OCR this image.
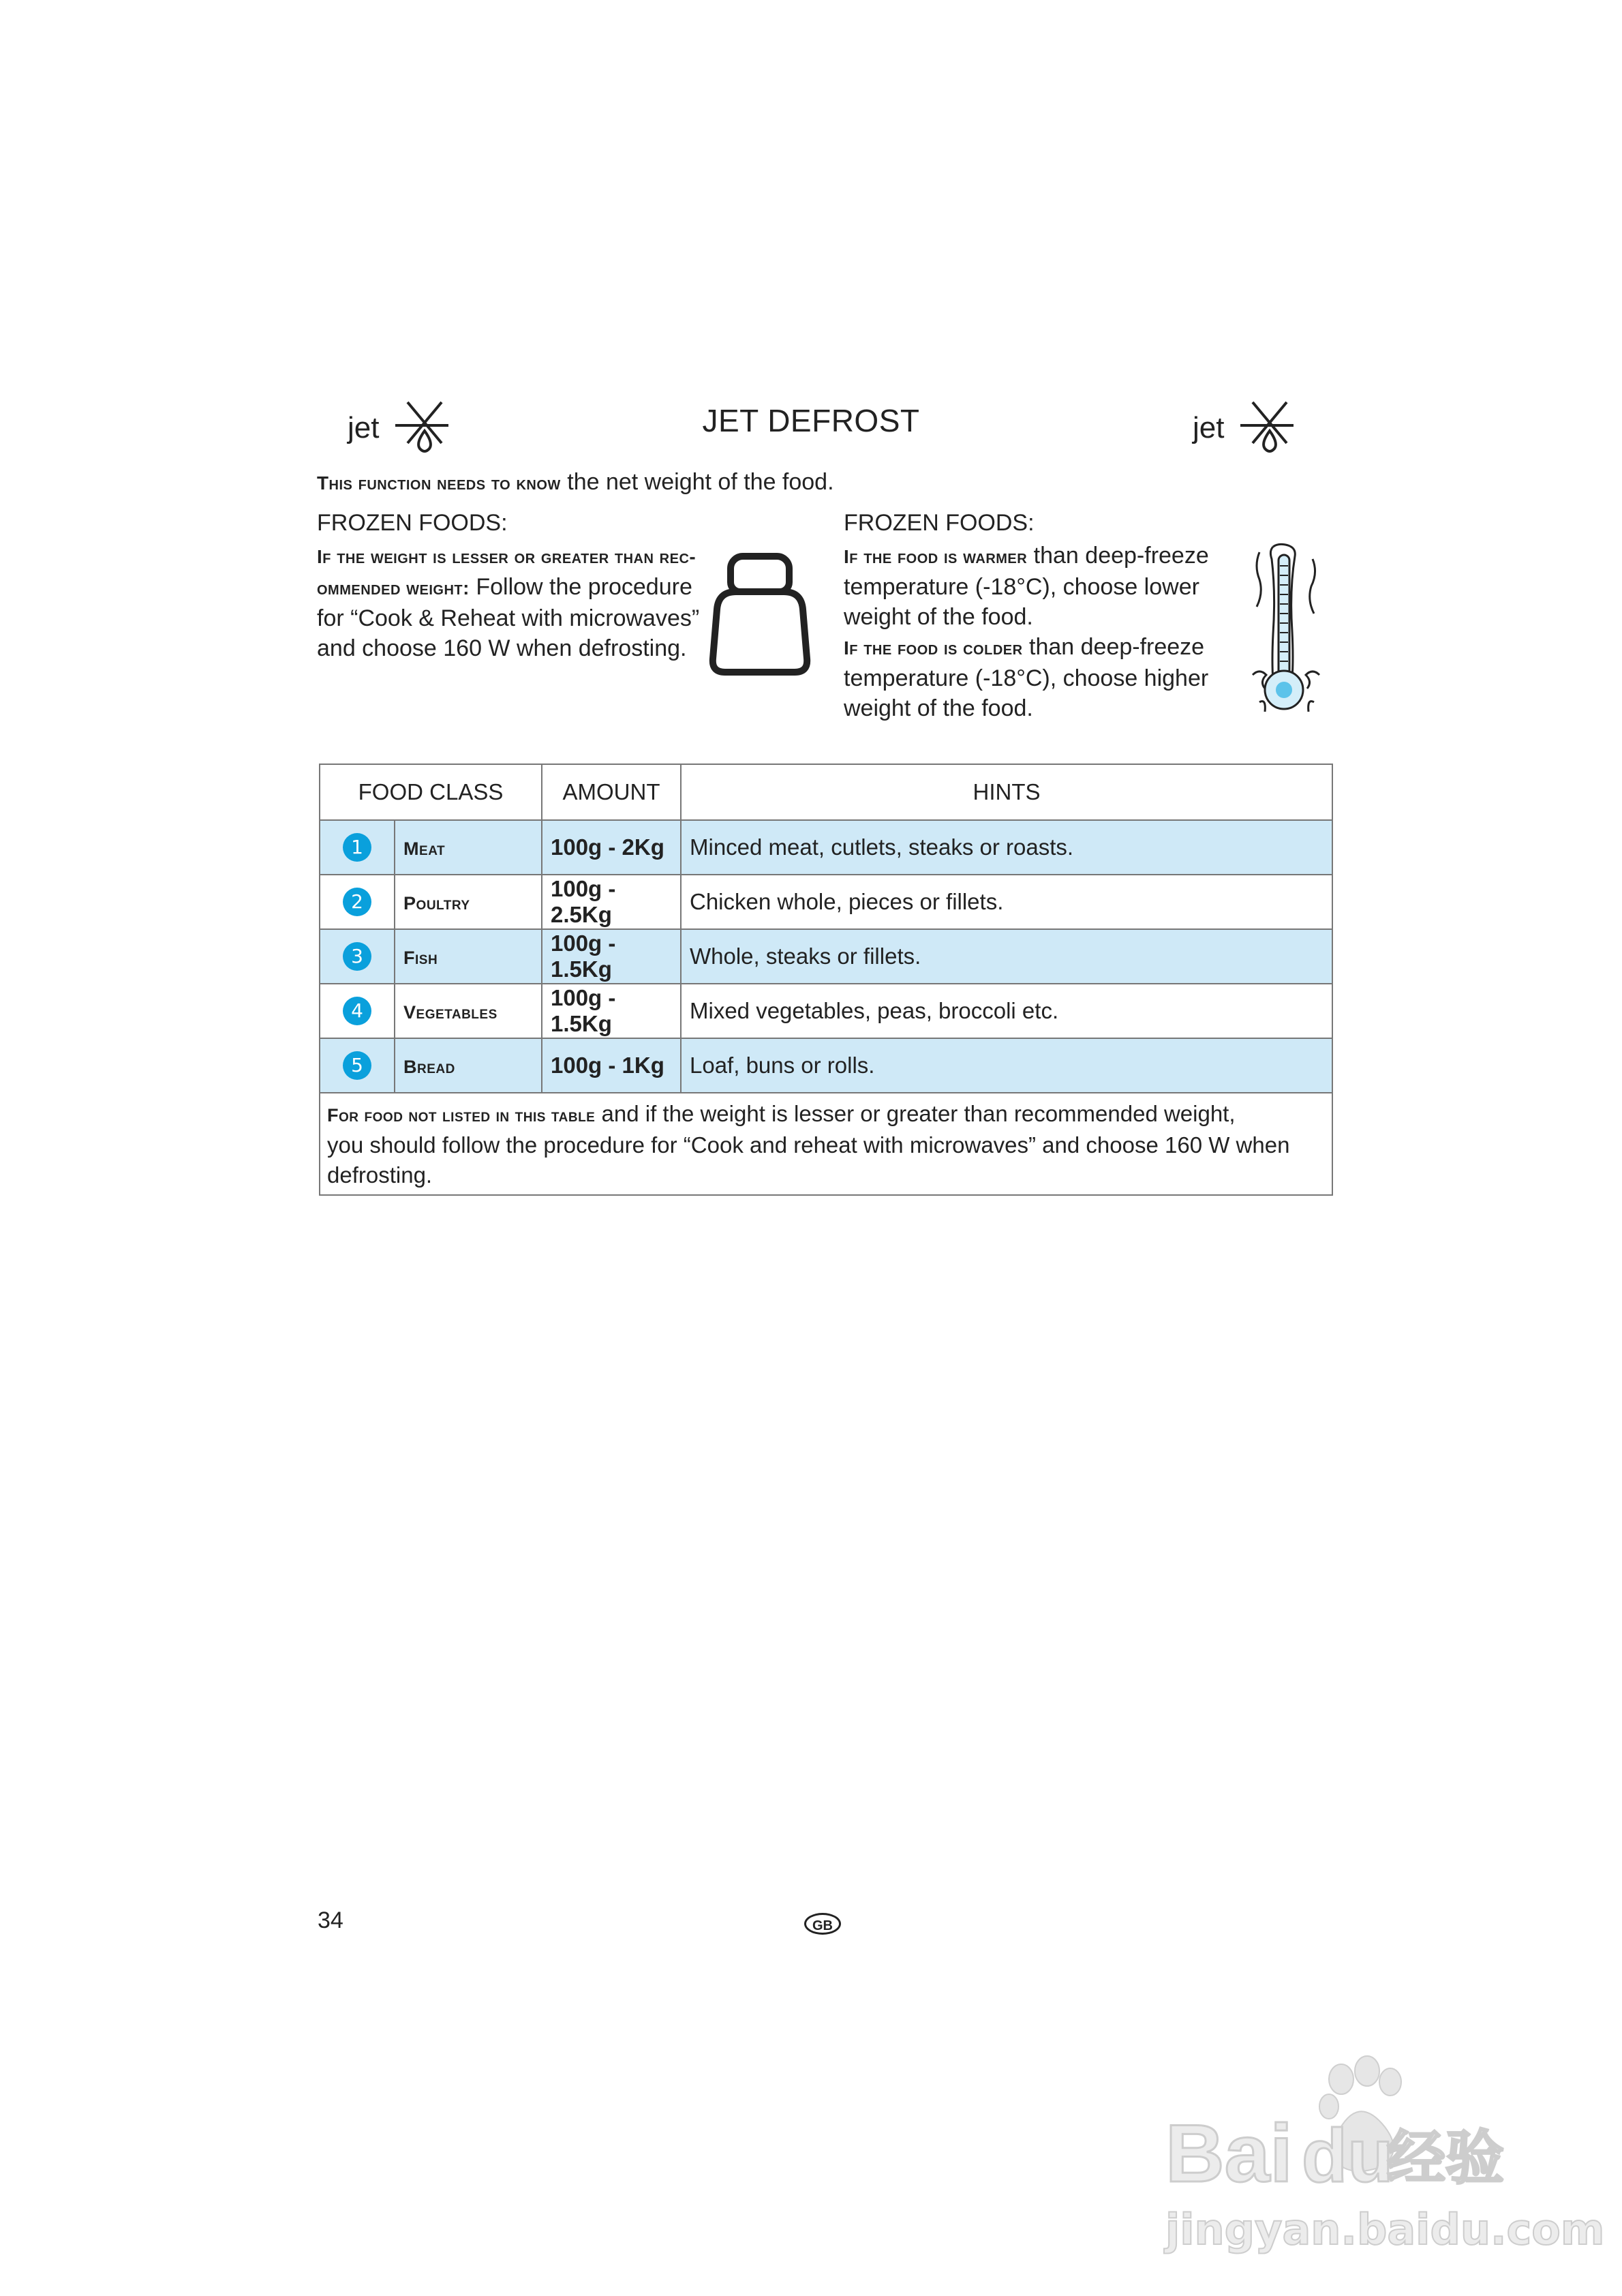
jet	jet
JET DEFROST
This function needs to know the net weight of the food.
FROZEN FOODS:
If the weight is lesser or greater than rec-
ommended weight: Follow the procedure
for “Cook & Reheat with microwaves”
and choose 160 W when defrosting.
FROZEN FOODS:
If the food is warmer than deep-freeze
temperature (-18°C), choose lower
weight of the food.
If the food is colder than deep-freeze
temperature (-18°C), choose higher
weight of the food.
FOOD CLASS		AMOUNT	HINTS
1	Meat	100g - 2Kg	Minced meat, cutlets, steaks or roasts.
2	Poultry	100g - 2.5Kg	Chicken whole, pieces or fillets.
3	Fish	100g - 1.5Kg	Whole, steaks or fillets.
4	Vegetables	100g - 1.5Kg	Mixed vegetables, peas, broccoli etc.
5	Bread	100g - 1Kg	Loaf, buns or rolls.

For food not listed in this table and if the weight is lesser or greater than recommended weight,
you should follow the procedure for “Cook and reheat with microwaves” and choose 160 W when
defrosting.			
34	GB
Bai du
经验
jingyan.baidu.com
